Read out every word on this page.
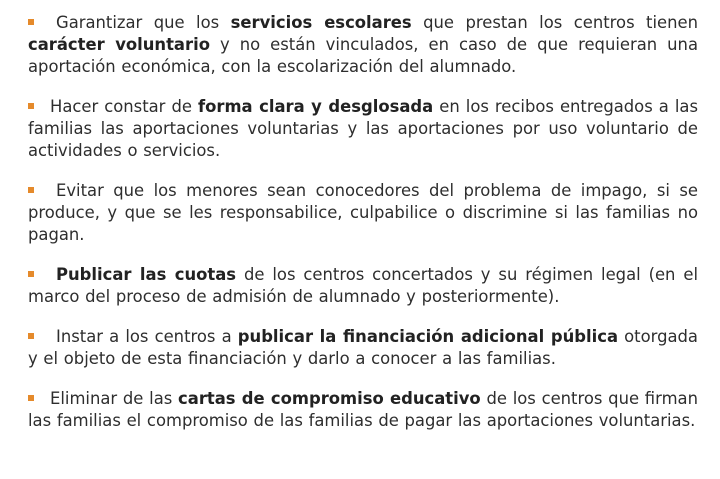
Garantizar que los servicios escolares que prestan los centros tienen carácter voluntario y no están vinculados, en caso de que requieran una aportación económica, con la escolarización del alumnado.

Hacer constar de forma clara y desglosada en los recibos entregados a las familias las aportaciones voluntarias y las aportaciones por uso voluntario de actividades o servicios.

Evitar que los menores sean conocedores del problema de impago, si se produce, y que se les responsabilice, culpabilice o discrimine si las familias no pagan.

Publicar las cuotas de los centros concertados y su régimen legal (en el marco del proceso de admisión de alumnado y posteriormente).

Instar a los centros a publicar la financiación adicional pública otorgada y el objeto de esta financiación y darlo a conocer a las familias.

Eliminar de las cartas de compromiso educativo de los centros que firman las familias el compromiso de las familias de pagar las aportaciones voluntarias.
